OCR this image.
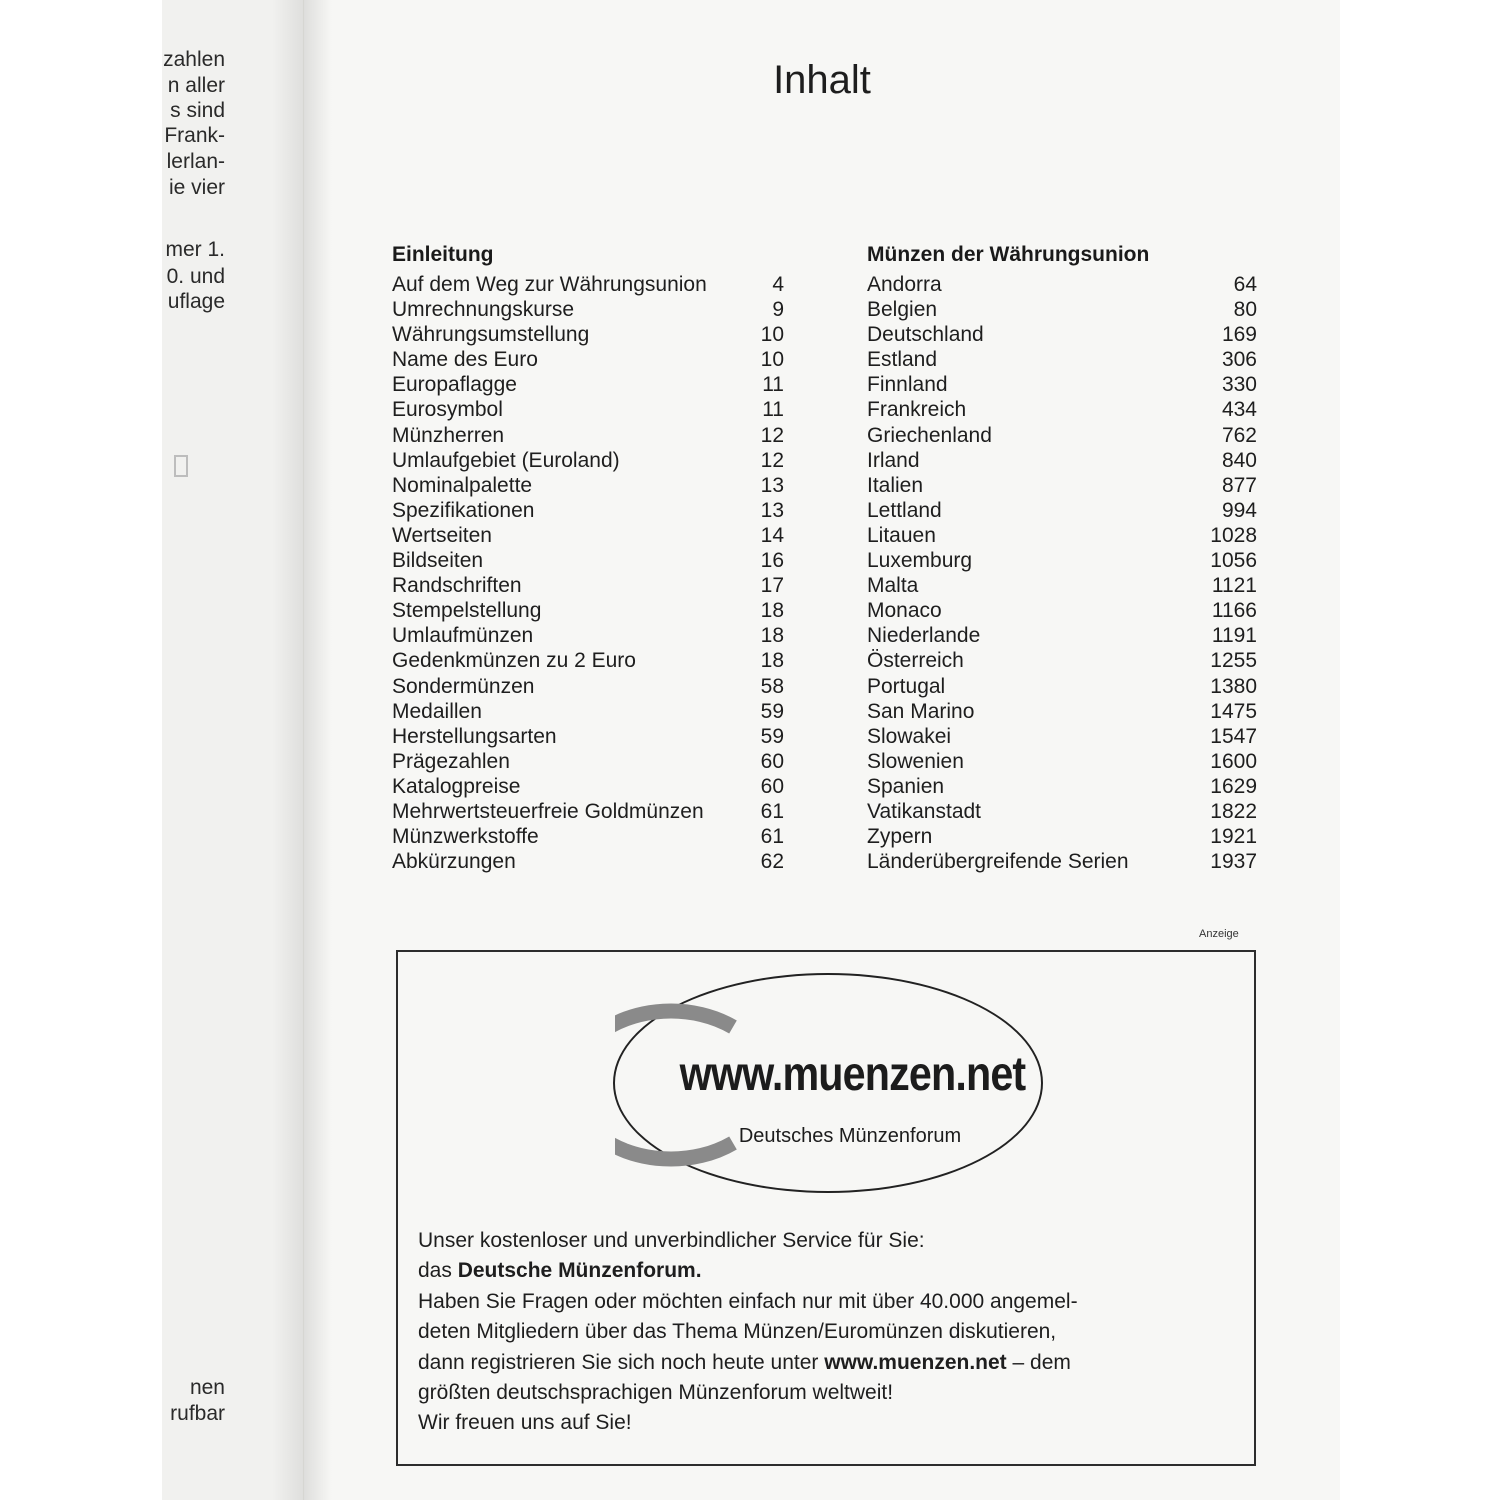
zahlen
n aller
s sind
Frank-
lerlan-
ie vier
mer 1.
0. und
uflage
nen
rufbar
Inhalt
Einleitung	Münzen der Währungsunion
Auf dem Weg zur Währungsunion	4
Umrechnungskurse	9
Währungsumstellung	10
Name des Euro	10
Europaflagge	11
Eurosymbol	11
Münzherren	12
Umlaufgebiet (Euroland)	12
Nominalpalette	13
Spezifikationen	13
Wertseiten	14
Bildseiten	16
Randschriften	17
Stempelstellung	18
Umlaufmünzen	18
Gedenkmünzen zu 2 Euro	18
Sondermünzen	58
Medaillen	59
Herstellungsarten	59
Prägezahlen	60
Katalogpreise	60
Mehrwertsteuerfreie Goldmünzen	61
Münzwerkstoffe	61
Abkürzungen	62
Andorra	64
Belgien	80
Deutschland	169
Estland	306
Finnland	330
Frankreich	434
Griechenland	762
Irland	840
Italien	877
Lettland	994
Litauen	1028
Luxemburg	1056
Malta	1121
Monaco	1166
Niederlande	1191
Österreich	1255
Portugal	1380
San Marino	1475
Slowakei	1547
Slowenien	1600
Spanien	1629
Vatikanstadt	1822
Zypern	1921
Länderübergreifende Serien	1937
Anzeige
www.muenzen.net
Deutsches Münzenforum
Unser kostenloser und unverbindlicher Service für Sie:
das Deutsche Münzenforum.
Haben Sie Fragen oder möchten einfach nur mit über 40.000 angemel-
deten Mitgliedern über das Thema Münzen/Euromünzen diskutieren,
dann registrieren Sie sich noch heute unter www.muenzen.net – dem
größten deutschsprachigen Münzenforum weltweit!
Wir freuen uns auf Sie!
